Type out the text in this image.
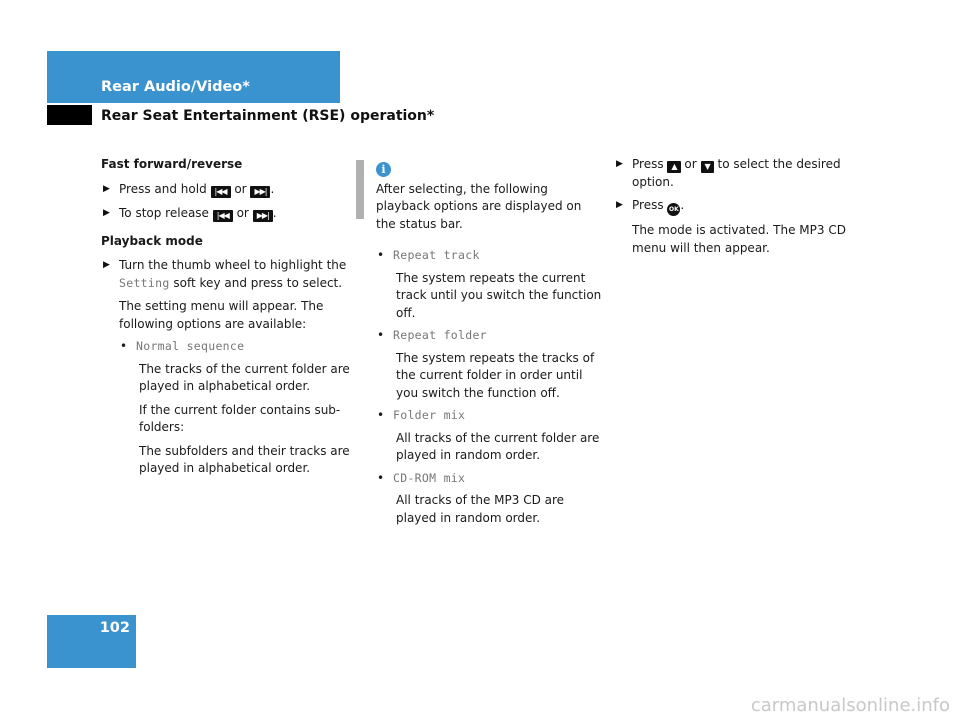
Rear Audio/Video*
Rear Seat Entertainment (RSE) operation*

Fast forward/reverse

▶ Press and hold |◀◀ or ▶▶| .

▶ To stop release |◀◀ or ▶▶| .

Playback mode

▶ Turn the thumb wheel to highlight the
Setting soft key and press to select.

The setting menu will appear. The following options are available:

• Normal sequence

The tracks of the current folder are played in alphabetical order.

If the current folder contains sub-folders:

The subfolders and their tracks are played in alphabetical order.

i

After selecting, the following playback options are displayed on the status bar.

• Repeat track

The system repeats the current track until you switch the function off.

• Repeat folder

The system repeats the tracks of the current folder in order until you switch the function off.

• Folder mix

All tracks of the current folder are played in random order.

• CD-ROM mix

All tracks of the MP3 CD are played in random order.

▶ Press ▲ or ▼ to select the desired option.

▶ Press OK .

The mode is activated. The MP3 CD menu will then appear.

102
carmanualsonline.info
